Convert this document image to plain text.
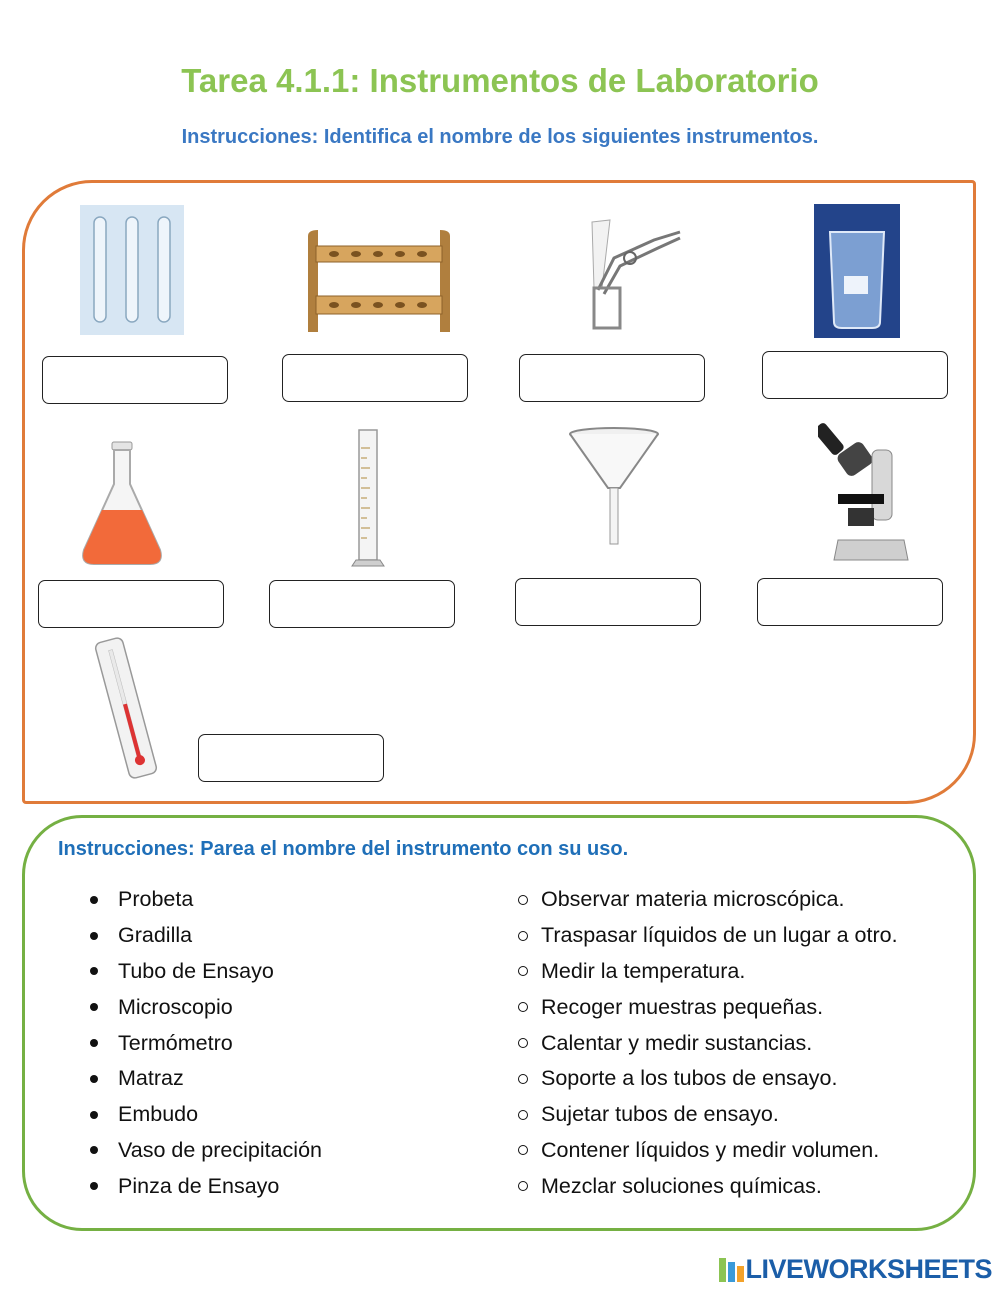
Tarea 4.1.1: Instrumentos de Laboratorio
Instrucciones: Identifica el nombre de los siguientes instrumentos.
Instrucciones: Parea el nombre del instrumento con su uso.
Probeta
Gradilla
Tubo de Ensayo
Microscopio
Termómetro
Matraz
Embudo
Vaso de precipitación
Pinza de Ensayo
Observar materia microscópica.
Traspasar líquidos de un lugar a otro.
Medir la temperatura.
Recoger muestras pequeñas.
Calentar y medir sustancias.
Soporte a los tubos de ensayo.
Sujetar tubos de ensayo.
Contener líquidos y medir volumen.
Mezclar soluciones químicas.
LIVEWORKSHEETS
